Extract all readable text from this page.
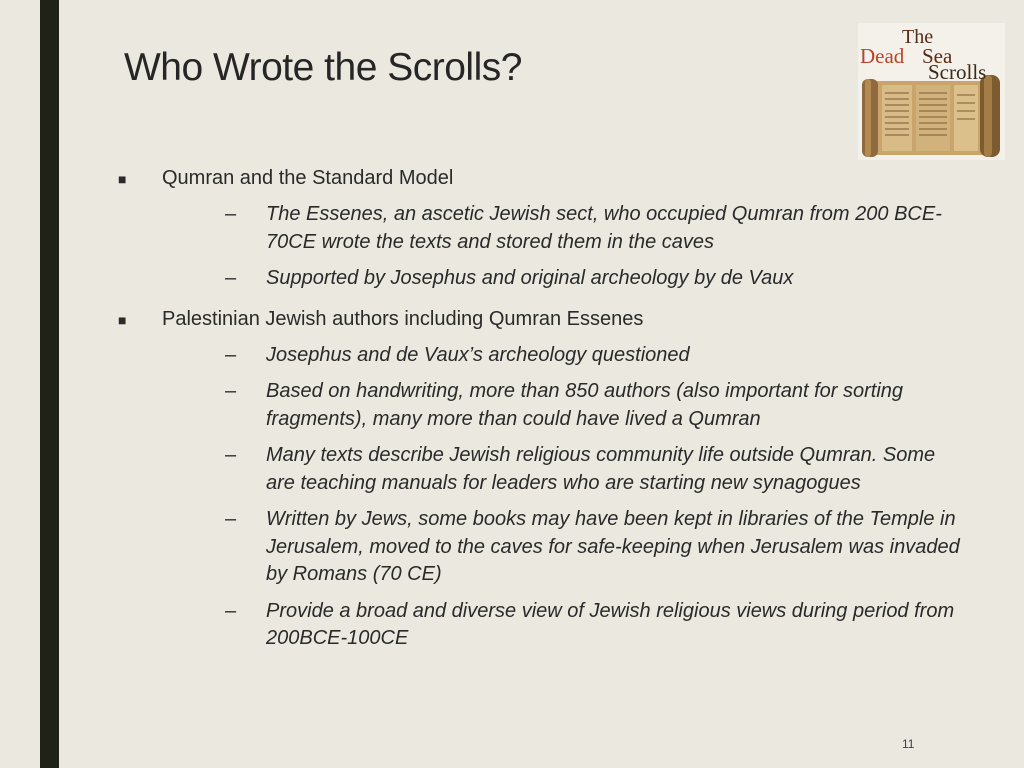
Who Wrote the Scrolls?
The
Dead Sea
Scrolls
■ Qumran and the Standard Model
– The Essenes, an ascetic Jewish sect, who occupied Qumran from 200 BCE-70CE wrote the texts and stored them in the caves
– Supported by Josephus and original archeology by de Vaux
■ Palestinian Jewish authors including Qumran Essenes
– Josephus and de Vaux’s archeology questioned
– Based on handwriting, more than 850 authors (also important for sorting fragments), many more than could have lived a Qumran
– Many texts describe Jewish religious community life outside Qumran. Some are teaching manuals for leaders who are starting new synagogues
– Written by Jews, some books may have been kept in libraries of the Temple in Jerusalem, moved to the caves for safe-keeping when Jerusalem was invaded by Romans (70 CE)
– Provide a broad and diverse view of Jewish religious views during period from 200BCE-100CE
11
